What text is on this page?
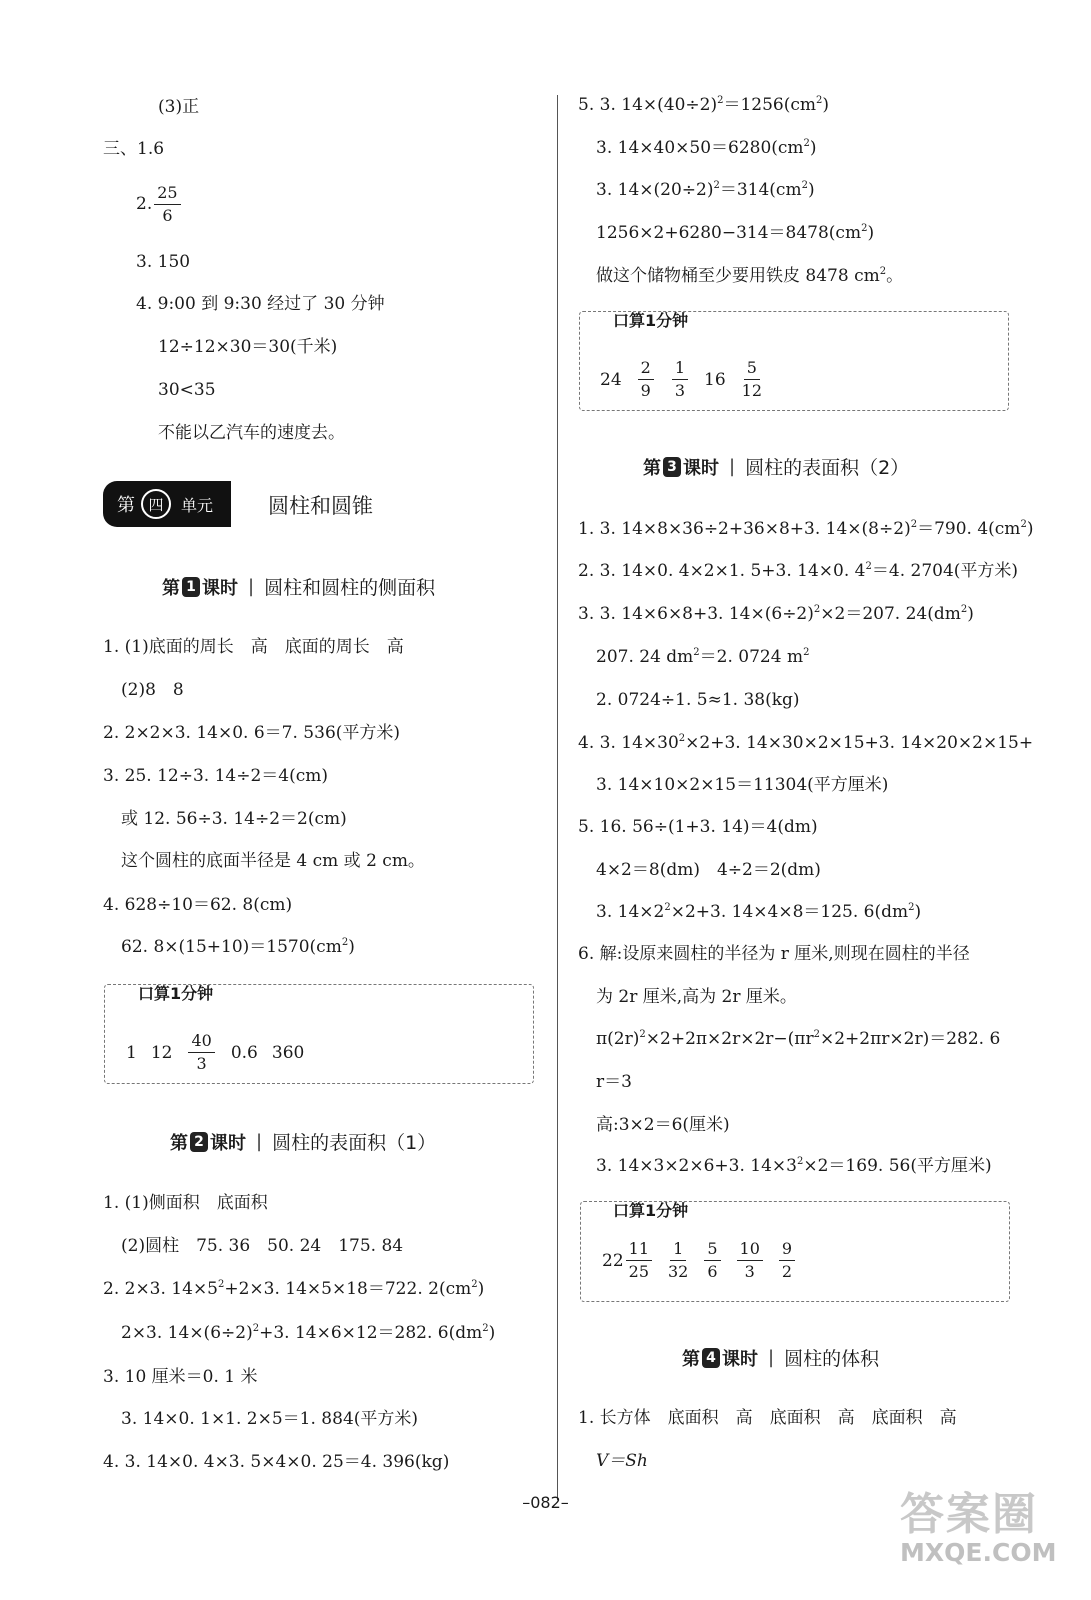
(3)正
三、1.6
2. $\frac{25}{6}$
3. 150
4. 9:00 到 9:30 经过了 30 分钟
12÷12×30＝30(千米)
30<35
不能以乙汽车的速度去。
第 四	单元	圆柱和圆锥
第 1 课时 | 圆柱和圆柱的侧面积
1. (1)底面的周长　高　底面的周长　高
(2)8　8
2. 2×2×3. 14×0. 6＝7. 536(平方米)
3. 25. 12÷3. 14÷2＝4(cm)
或 12. 56÷3. 14÷2＝2(cm)
这个圆柱的底面半径是 4 cm 或 2 cm。
4. 628÷10＝62. 8(cm)
62. $8\times(15+10)=1570(cm^2)$
口算1分钟
1 $12 \frac{40}{3} 0.6$ 360
第 2 课时 | 圆柱的表面积（1）
1. (1)侧面积　底面积
(2)圆柱　75. 36　50. 24　175. 84
2. 2×3. $14\times 5^2+2\times 3$. 14×5×18＝722. $2(cm^2)$
2×3. $14\times(6\div 2)^2+3$. 14×6×12＝282. $6(dm^2)$
3. 10 厘米＝0. 1 米
3. 14×0. 1×1. 2×5＝1. 884(平方米)
4. 3. 14×0. 4×3. 5×4×0. 25＝4. 396(kg)
5. 3. $14\times(40\div 2)^2=1256(cm^2)$
3. $14\times 40\times 50=6280(cm^2)$
3. $14\times(20\div 2)^2=314(cm^2)$
$1256\times 2+6280-314=8478(cm^2)$
做这个储物桶至少要用铁皮 8478 $cm^2$。
口算1分钟
$24 \frac{2}{9} \frac{1}{3} 16 \frac{5}{12}$
第 3 课时 | 圆柱的表面积（2）
1. 3. 14×8×36÷2+36×8+3. $14\times(8\div 2)^2=790$. $4(cm^2)$
2. 3. 14×0. 4×2×1. 5+3. 14×0. $4^2=4$. 2704(平方米)
3. 3. 14×6×8+3. $14\times(6\div 2)^2\times 2=207$. $24(dm^2)$
207. 24 $dm^2=2$. 0724 $m^2$
2. 0724÷1. 5≈1. 38(kg)
4. 3. $14\times 30^2\times 2+3$. 14×30×2×15+3. 14×20×2×15+
3. 14×10×2×15＝11304(平方厘米)
5. 16. 56÷(1+3. 14)＝4(dm)
4×2＝8(dm)　4÷2＝2(dm)
3. $14\times 2^2\times 2+3$. 14×4×8＝125. $6(dm^2)$
6. 解:设原来圆柱的半径为 r 厘米,则现在圆柱的半径
为 2r 厘米,高为 2r 厘米。
$\pi(2r)^2\times 2+2\pi\times 2r\times 2r-(\pi r^2\times 2+2\pi r\times 2r)=282$. 6
r＝3
高:3×2＝6(厘米)
3. 14×3×2×6+3. $14\times 3^2\times 2=169$. 56(平方厘米)
口算1分钟
$22 \frac{11}{25} \frac{1}{32} \frac{5}{6} \frac{10}{3} \frac{9}{2}$
第 4 课时 | 圆柱的体积
1. 长方体　底面积　高　底面积　高　底面积　高
V＝Sh
–082–	答案圈
MXQE.COM
